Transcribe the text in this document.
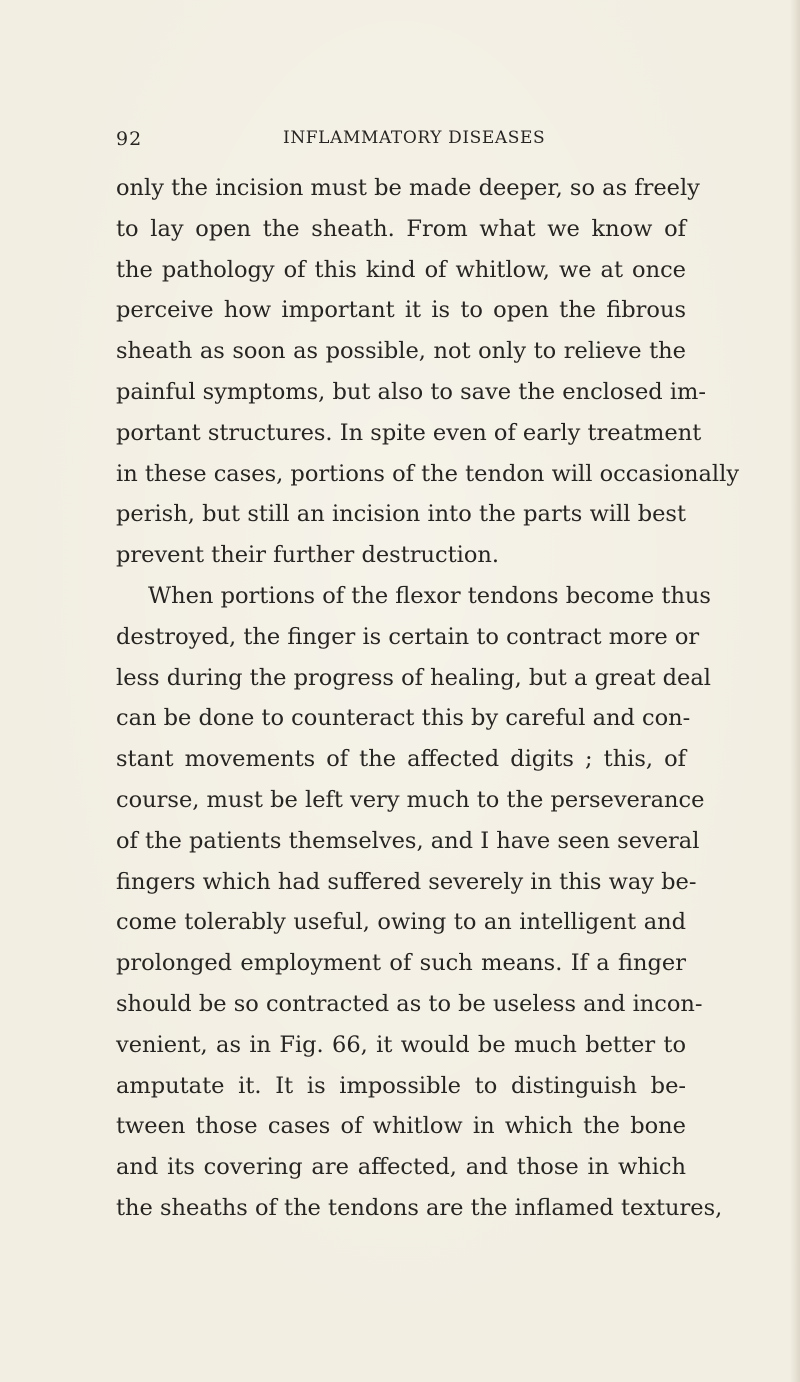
92	INFLAMMATORY DISEASES
only the incision must be made deeper, so as freely
to lay open the sheath. From what we know of
the pathology of this kind of whitlow, we at once
perceive how important it is to open the fibrous
sheath as soon as possible, not only to relieve the
painful symptoms, but also to save the enclosed im-
portant structures. In spite even of early treatment
in these cases, portions of the tendon will occasionally
perish, but still an incision into the parts will best
prevent their further destruction.
When portions of the flexor tendons become thus
destroyed, the finger is certain to contract more or
less during the progress of healing, but a great deal
can be done to counteract this by careful and con-
stant movements of the affected digits ; this, of
course, must be left very much to the perseverance
of the patients themselves, and I have seen several
fingers which had suffered severely in this way be-
come tolerably useful, owing to an intelligent and
prolonged employment of such means. If a finger
should be so contracted as to be useless and incon-
venient, as in Fig. 66, it would be much better to
amputate it. It is impossible to distinguish be-
tween those cases of whitlow in which the bone
and its covering are affected, and those in which
the sheaths of the tendons are the inflamed textures,
